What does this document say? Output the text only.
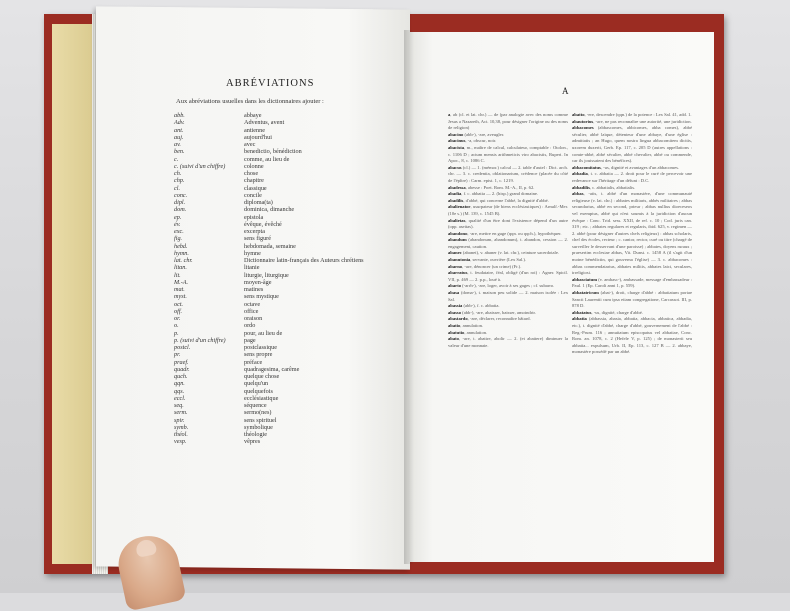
ABRÉVIATIONS
Aux abréviations usuelles dans les dictionnaires ajouter :
abb.	abbaye
Adv.	Adventus, avent
ant.	antienne
auj.	aujourd'hui
av.	avec
ben.	benedictio, bénédiction
c.	comme, au lieu de
c. (suivi d'un chiffre)	colonne
ch.	chose
chp.	chapitre
cl.	classique
conc.	concile
dipl.	diploma(ta)
dom.	dominica, dimanche
ep.	epistola
év.	évêque, évêché
exc.	excerpta
fig.	sens figuré
hebd.	hebdomada, semaine
hymn.	hymne
lat. chr.	Dictionnaire latin-français des Auteurs chrétiens
litan.	litanie
lit.	liturgie, liturgique
M.-A.	moyen-âge
mat.	matines
myst.	sens mystique
oct.	octave
off.	office
or.	oraison
o.	ordo
p.	pour, au lieu de
p. (suivi d'un chiffre)	page
postcl.	postclassique
pr.	sens propre
praef.	préface
quadr.	quadragesima, carême
quch.	quelque chose
qqn.	quelqu'un
qqs.	quelquefois
eccl.	ecclésiastique
seq.	séquence
serm.	sermo(nes)
spir.	sens spirituel
symb.	symbolique
théol.	théologie
vesp.	vêpres
A

a, ab (cl. et lat. chr.) — de (par analogie avec des noms comme Jesus a Nazareth, Act. 10,38, pour désigner l'origine ou des noms de religion)

abacino (abb-), -are, aveugler.

abacinus, -a, obscur, noir.

abacista, m., maître de calcul, calculateur, comptable : Otolon., c. 1106 D ; actum mensis arithmeticis viro abacistis, Ruperi. In Apoc., 8, c. 1086 C.

abacus (cl.) — 1. (mémor.) calcul — 2. table d'autel : Dict. arch. chr. — 3. c. credentia, oblationarium, crédence (placée du côté de l'épître) : Carm. epist. 1, c. 1219.

abadessa, abesse : Poet. Rom. M.-A., II, p. 62.

abadia, f. c. abbatia — 2. (hisp.) grand domaine.

abadilis, d'abbé, qui concerne l'abbé, la dignité d'abbé.

abalienator, usurpateur (de biens ecclésiastiques) : Arnulf.-Mer. (10e s.) (M. 139, c. 1545 B).

abalietas, qualité d'un être dont l'existence dépend d'un autre (opp. aseitas).

abandono, -are, mettre en gage (qqn. ou qqch.), hypothéquer.

abandum (abandonum, abandonum), t. abandon, cession — 2. engagement, caution.

abanec (abanet), v. abaner (v. lat. chr.), ceinture sacerdotale.

abanutonia, servante, ouvrière (Lex Sal.).

abarno, -are, dénoncer (un crime) (Fr.).

abarratus, t. feudataire, féal, obligé (d'un roi) : Agner. Spicil. VII, p. 469 — 2. p.p., loué à.

abarto (-arrh-), -are, loger, avoir à ses gages ; cf. subarro.

abasa (doma-), t. maison peu solide — 2. maison isolée : Lex Sal.

abassia (abb-), f. c. abbatia.

abasso (abb-), -are, abaisser, baisser, amoindrir.

abastardo, -are, déclarer, reconnaître bâtard.

abatio, annulation.

abatutio, annulation.

abato, -are, t. abattre, abolir — 2. (et abattere) diminuer la valeur d'une monnaie.

abatto, -ere, descendre (qqn.) de la potence : Lex Sal. 41, add. 1.

abautorius, -are, ne pas reconnaître une autorité, une juridiction.

abbacomes (abbascomes, abbicomes, abba comes), abbé séculier, abbé laïque, détenteur d'une abbaye, d'une église : admittatis ; an Hugo, quem nostra lingua abbacomitem dicitis, uxorem duxerit, Gerb. Ep. 117, c. 205 D (autres appellations : comte-abbé, abbé séculier, abbé chevalier, abbé ou commende, car ils jouissaient des bénéfices).

abbacomitatus, -us, dignité et avantages d'un abbacomes.

abbadia, t. c. abbatia — 2. droit pour le curé de percevoir une redevance sur l'héritage d'un défunt : D.C.

abbadilis, c. abbatialis, abbatialis.

abbas, -atis, t. abbé d'un monastère, d'une communauté religieuse (v. lat. chr.) : abbates militaris, abbés militaires ; abbas secundarius, abbé en second, prieur ; abbas nullius dioeceseos vel exemptus, abbé qui n'est soumis à la juridiction d'aucun évêque : Conc. Trid. sess. XXII, de ref. c. 10 ; Cod. juris can. 319 ; etc. ; abbates regulares et regularis, ibid. 625, v. regimen — 2. abbé (pour désigner d'autres chefs religieux) : abbas scholaris, chef des écoles, recteur ; c. cantor, rector, curé ou titre (chargé de surveiller le desservant d'une paroisse) ; abbates, doyens ruraux ; praesertim ecclesiae abbas, Vit. Dunst. c. 1458 A (il s'agit d'un moine bénédictin, qui gouverna l'église) — 3. c. abbacomes : abbas commendatarius, abbates militis, abbates laici, seculares, irreligiosi.

abbasciatum (v. ambasc-), ambassade, message d'embassadeur : Paul. 1 (Ep. Caroli anni 1, p. 559).

abbatatricum (abat-), droit, charge d'abbé : abbatiatum portae Sancti Laurentii cum ipsa etiam congregatione, Carcassot. III, p. 878 D.

abbatatus, -us, dignité, charge d'abbé.

abbatia (abbassia, abasia, abbatia, abbacia, abbatica, abbadia, etc.), t. dignité d'abbé, charge d'abbé, gouvernement de l'abbé : Reg.-Prum. 116 ; annuitatum episcopatus vel abbatiae, Conc. Rom. an. 1078, c. 2 (Hefele V, p. 125) ; de monasterii seu abbatia... expulsum, Urb. II, Ep. 113, c. 127 B — 2. abbaye, monastère possédé par un abbé.
